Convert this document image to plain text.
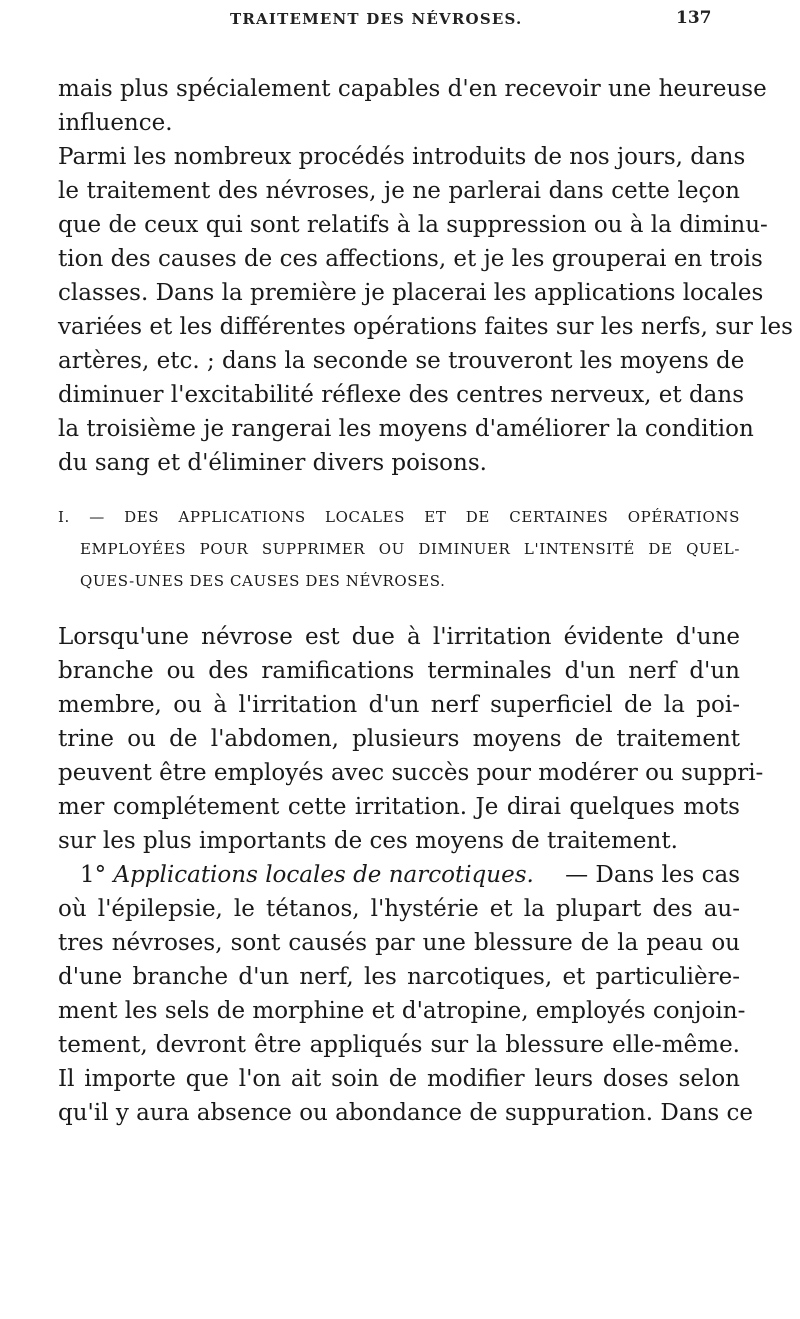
TRAITEMENT DES NÉVROSES.	137
mais plus spécialement capables d'en recevoir une heureuse
influence.
Parmi les nombreux procédés introduits de nos jours, dans
le traitement des névroses, je ne parlerai dans cette leçon
que de ceux qui sont relatifs à la suppression ou à la diminu-
tion des causes de ces affections, et je les grouperai en trois
classes. Dans la première je placerai les applications locales
variées et les différentes opérations faites sur les nerfs, sur les
artères, etc. ; dans la seconde se trouveront les moyens de
diminuer l'excitabilité réflexe des centres nerveux, et dans
la troisième je rangerai les moyens d'améliorer la condition
du sang et d'éliminer divers poisons.
I. — DES APPLICATIONS LOCALES ET DE CERTAINES OPÉRATIONS
EMPLOYÉES POUR SUPPRIMER OU DIMINUER L'INTENSITÉ DE QUEL-
QUES-UNES DES CAUSES DES NÉVROSES.
Lorsqu'une névrose est due à l'irritation évidente d'une
branche ou des ramifications terminales d'un nerf d'un
membre, ou à l'irritation d'un nerf superficiel de la poi-
trine ou de l'abdomen, plusieurs moyens de traitement
peuvent être employés avec succès pour modérer ou suppri-
mer complétement cette irritation. Je dirai quelques mots
sur les plus importants de ces moyens de traitement.
1° Applications locales de narcotiques. — Dans les cas
où l'épilepsie, le tétanos, l'hystérie et la plupart des au-
tres névroses, sont causés par une blessure de la peau ou
d'une branche d'un nerf, les narcotiques, et particulière-
ment les sels de morphine et d'atropine, employés conjoin-
tement, devront être appliqués sur la blessure elle-même.
Il importe que l'on ait soin de modifier leurs doses selon
qu'il y aura absence ou abondance de suppuration. Dans ce
